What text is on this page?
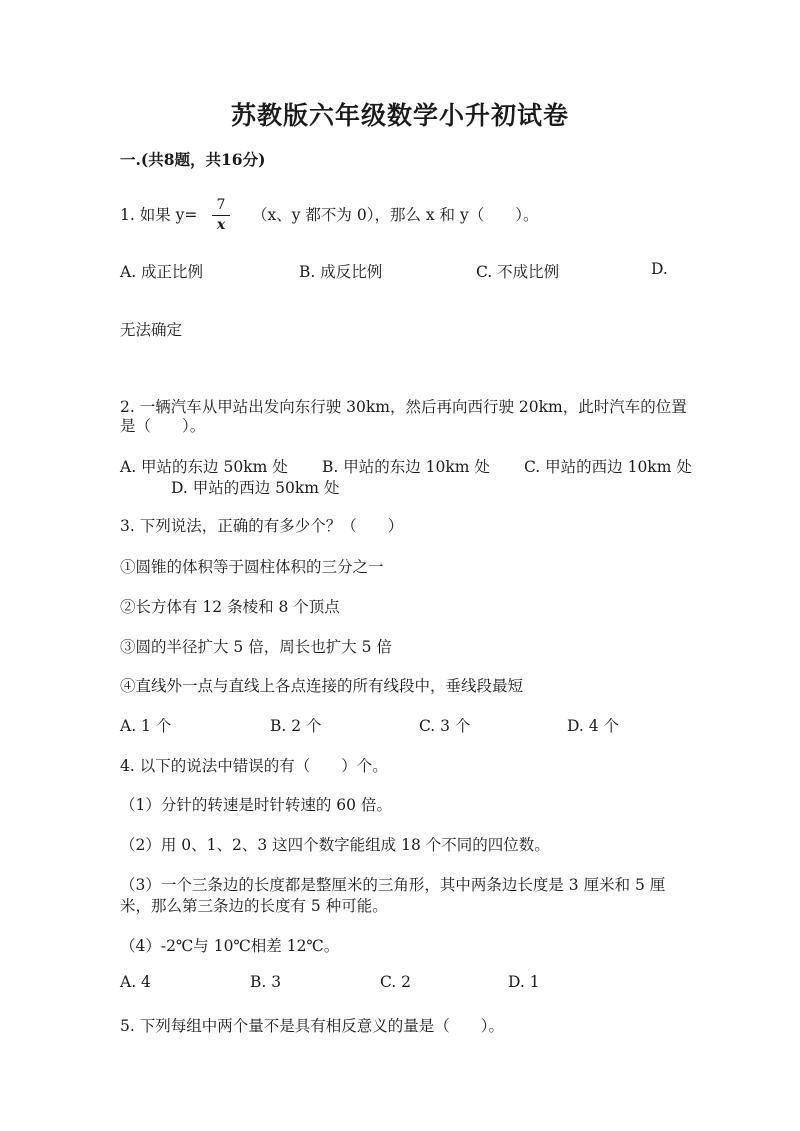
苏教版六年级数学小升初试卷
一.(共8题，共16分)
1. 如果 y=
7
x
（x、y 都不为 0），那么 x 和 y（　　）。
A. 成正比例	B. 成反比例	C. 不成比例	D.
无法确定
2. 一辆汽车从甲站出发向东行驶 30km，然后再向西行驶 20km，此时汽车的位置
是（　　）。
A. 甲站的东边 50km 处 B. 甲站的东边 10km 处 C. 甲站的西边 10km 处
D. 甲站的西边 50km 处
3. 下列说法，正确的有多少个？（　　）
①圆锥的体积等于圆柱体积的三分之一
②长方体有 12 条棱和 8 个顶点
③圆的半径扩大 5 倍，周长也扩大 5 倍
④直线外一点与直线上各点连接的所有线段中，垂线段最短
A. 1 个	B. 2 个	C. 3 个	D. 4 个
4. 以下的说法中错误的有（　　）个。
（1）分针的转速是时针转速的 60 倍。
（2）用 0、1、2、3 这四个数字能组成 18 个不同的四位数。
（3）一个三条边的长度都是整厘米的三角形，其中两条边长度是 3 厘米和 5 厘
米，那么第三条边的长度有 5 种可能。
（4）-2℃与 10℃相差 12℃。
A. 4	B. 3	C. 2	D. 1
5. 下列每组中两个量不是具有相反意义的量是（　　）。
